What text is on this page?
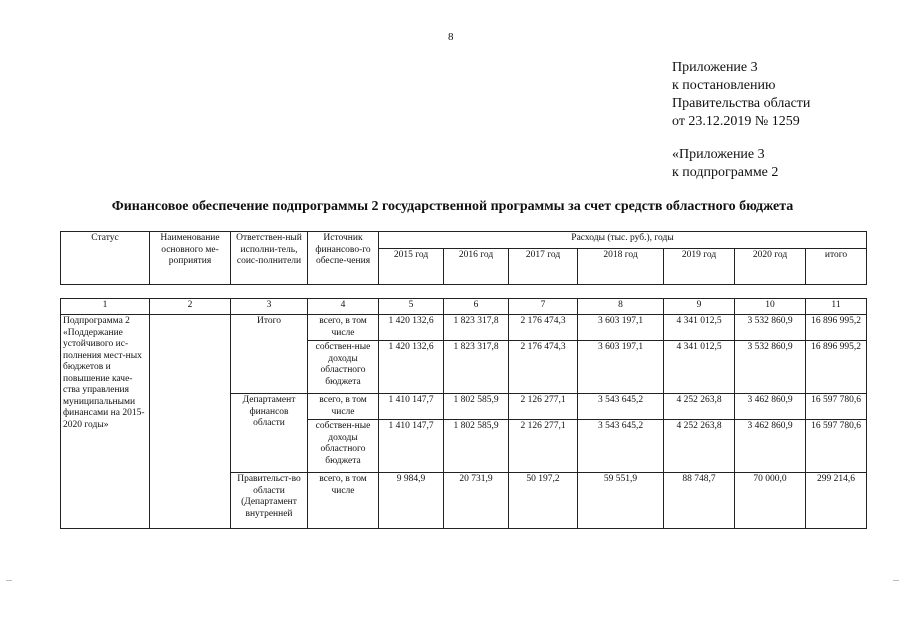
8
Приложение 3
к постановлению
Правительства области
от 23.12.2019 № 1259
«Приложение 3
к подпрограмме 2
Финансовое обеспечение подпрограммы 2 государственной программы за счет средств областного бюджета
Статус	Наименование основного ме-роприятия	Ответствен-ный исполни-тель, соис-полнители	Источник финансово-го обеспе-чения	Расходы (тыс. руб.), годы						
				2015 год	2016 год	2017 год	2018 год	2019 год	2020 год	итого
1	2	3	4	5	6	7	8	9	10	11
Подпрограмма 2 «Поддержание устойчивого ис-полнения мест-ных бюджетов и повышение каче-ства управления муниципальными финансами на 2015-2020 годы»		Итого	всего, в том числе	1 420 132,6	1 823 317,8	2 176 474,3	3 603 197,1	4 341 012,5	3 532 860,9	16 896 995,2
			собствен-ные доходы областного бюджета	1 420 132,6	1 823 317,8	2 176 474,3	3 603 197,1	4 341 012,5	3 532 860,9	16 896 995,2
		Департамент финансов области	всего, в том числе	1 410 147,7	1 802 585,9	2 126 277,1	3 543 645,2	4 252 263,8	3 462 860,9	16 597 780,6
			собствен-ные доходы областного бюджета	1 410 147,7	1 802 585,9	2 126 277,1	3 543 645,2	4 252 263,8	3 462 860,9	16 597 780,6
		Правительст-во области (Департамент внутренней	всего, в том числе	9 984,9	20 731,9	50 197,2	59 551,9	88 748,7	70 000,0	299 214,6
